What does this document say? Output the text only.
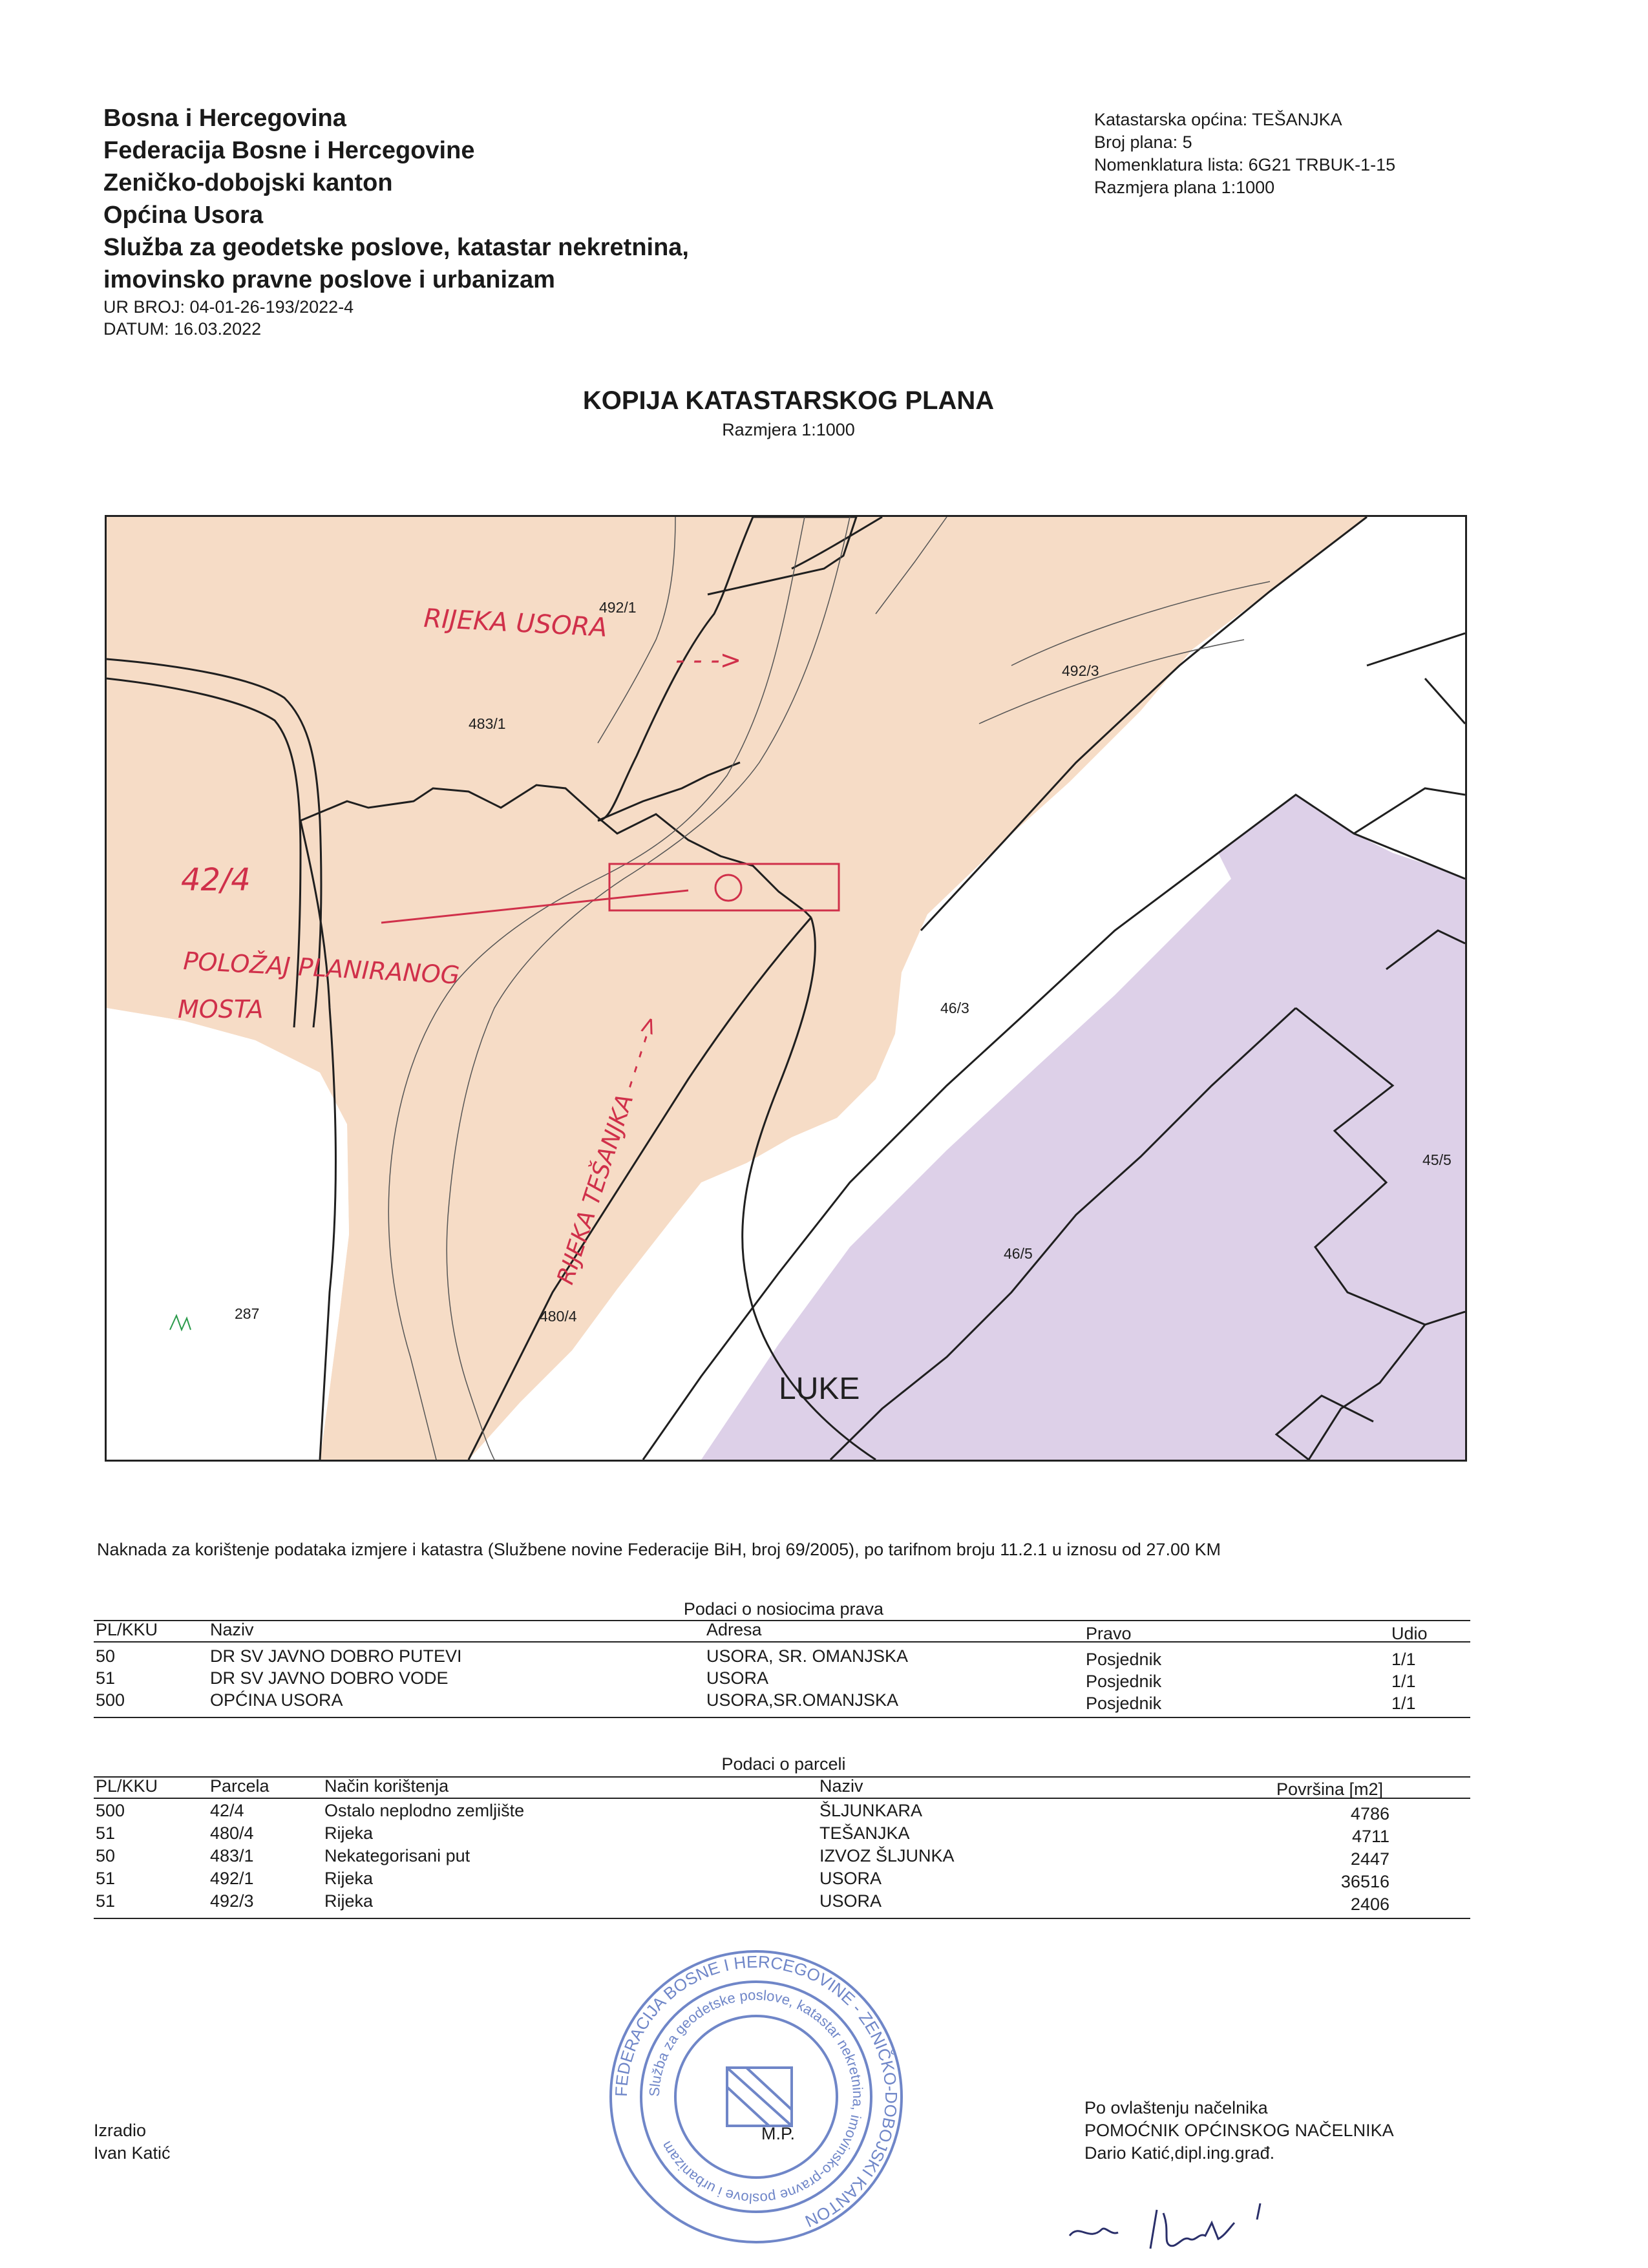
Bosna i Hercegovina
Federacija Bosne i Hercegovine
Zeničko-dobojski kanton
Općina Usora
Služba za geodetske poslove, katastar nekretnina,
imovinsko pravne poslove i urbanizam
UR BROJ: 04-01-26-193/2022-4
DATUM: 16.03.2022
Katastarska općina: TEŠANJKA
Broj plana: 5
Nomenklatura lista: 6G21 TRBUK-1-15
Razmjera plana 1:1000
KOPIJA KATASTARSKOG PLANA
Razmjera 1:1000
492/1
492/3
483/1
46/3
45/5
46/5
480/4
287
LUKE
RIJEKA USORA
- - ->
42/4
POLOŽAJ PLANIRANOG
MOSTA
RIJEKA TEŠANJKA - - - ->
Naknada za korištenje podataka izmjere i katastra (Službene novine Federacije BiH, broj 69/2005), po tarifnom broju 11.2.1 u iznosu od 27.00 KM
Podaci o nosiocima prava
PL/KKU	Naziv	Adresa	Pravo	Udio
50	DR SV JAVNO DOBRO PUTEVI	USORA, SR. OMANJSKA	Posjednik	1/1
51	DR SV JAVNO DOBRO VODE	USORA	Posjednik	1/1
500	OPĆINA USORA	USORA,SR.OMANJSKA	Posjednik	1/1
Podaci o parceli
PL/KKU	Parcela	Način korištenja	Naziv	Površina [m2]
500	42/4	Ostalo neplodno zemljište	ŠLJUNKARA	4786
51	480/4	Rijeka	TEŠANJKA	4711
50	483/1	Nekategorisani put	IZVOZ ŠLJUNKA	2447
51	492/1	Rijeka	USORA	36516
51	492/3	Rijeka	USORA	2406
FEDERACIJA BOSNE I HERCEGOVINE - ZENIČKO-DOBOJSKI KANTON
Služba za geodetske poslove, katastar nekretnina, imovinsko-pravne poslove i urbanizam
M.P.
Izradio
Ivan Katić
Po ovlaštenju načelnika
POMOĆNIK OPĆINSKOG NAČELNIKA
Dario Katić,dipl.ing.građ.
